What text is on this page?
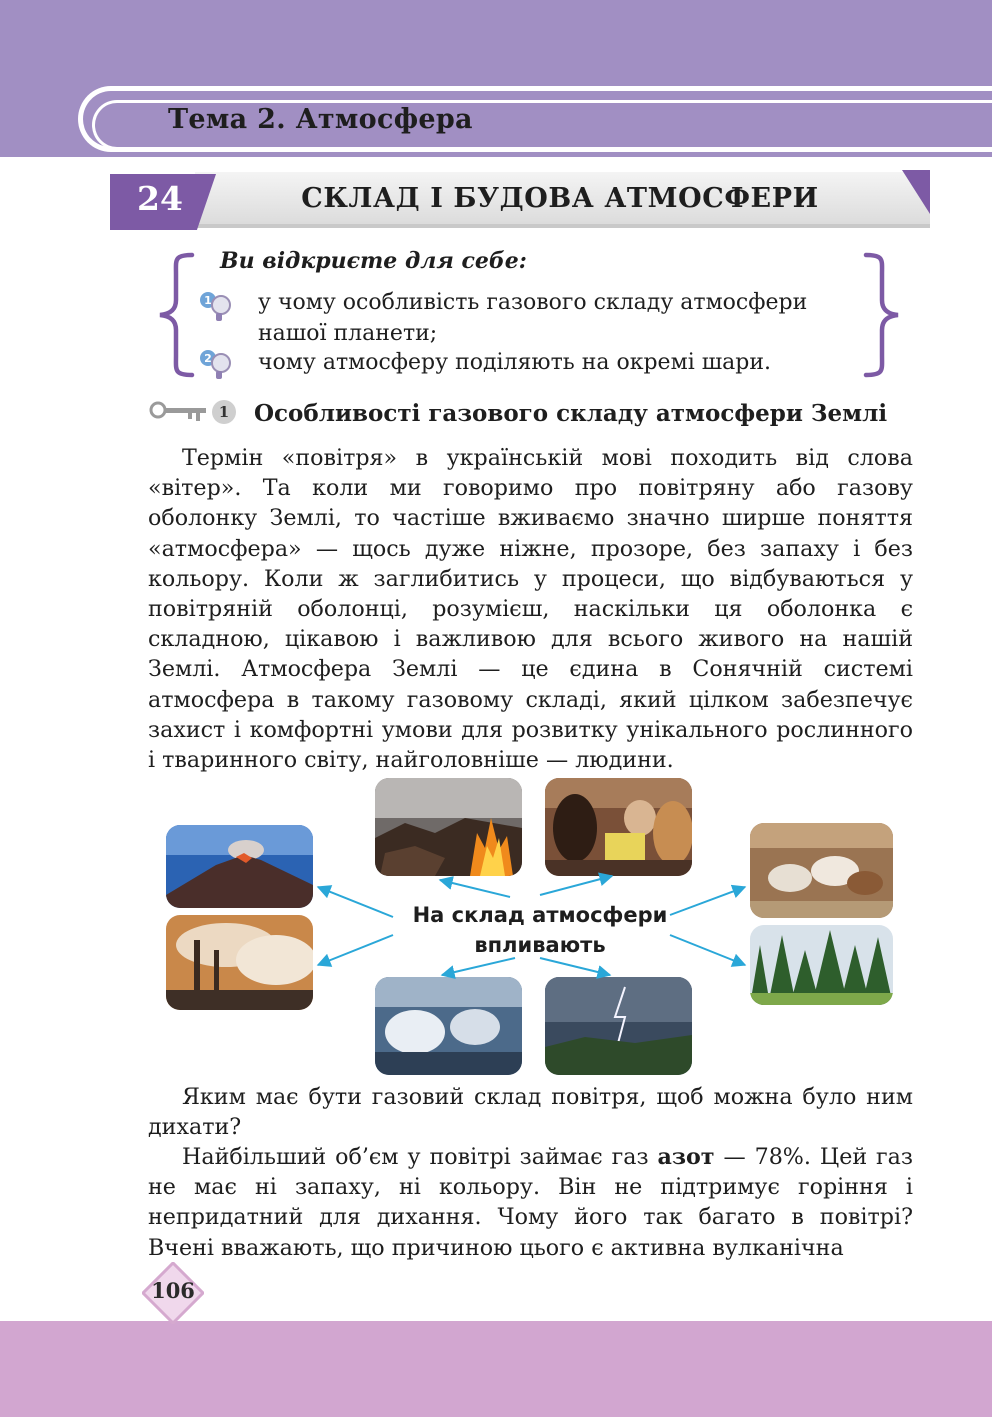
Тема 2. Атмосфера
24	СКЛАД І БУДОВА АТМОСФЕРИ
Ви відкриєте для себе:
1 у чому особливість газового складу атмосфери
нашої планети;
2 чому атмосферу поділяють на окремі шари.
1 Особливості газового складу атмосфери Землі
Термін «повітря» в українській мові походить від слова «вітер». Та коли ми говоримо про повітряну або газову оболонку Землі, то частіше вживаємо значно ширше поняття «атмосфера» — щось дуже ніжне, прозоре, без запаху і без кольору. Коли ж заглибитись у процеси, що відбуваються у повітряній оболонці, розумієш, наскільки ця оболонка є складною, цікавою і важливою для всього живого на нашій Землі. Атмосфера Землі — це єдина в Сонячній системі атмосфера в такому газовому складі, який цілком забезпечує захист і комфортні умови для розвитку унікального рослинного і тваринного світу, найголовніше — людини.
На склад атмосфери
впливають
Яким має бути газовий склад повітря, щоб можна було ним дихати?
Найбільший об’єм у повітрі займає газ азот — 78%. Цей газ не має ні запаху, ні кольору. Він не підтримує горіння і непридатний для дихання. Чому його так багато в повітрі? Вчені вважають, що причиною цього є активна вулканічна
106
